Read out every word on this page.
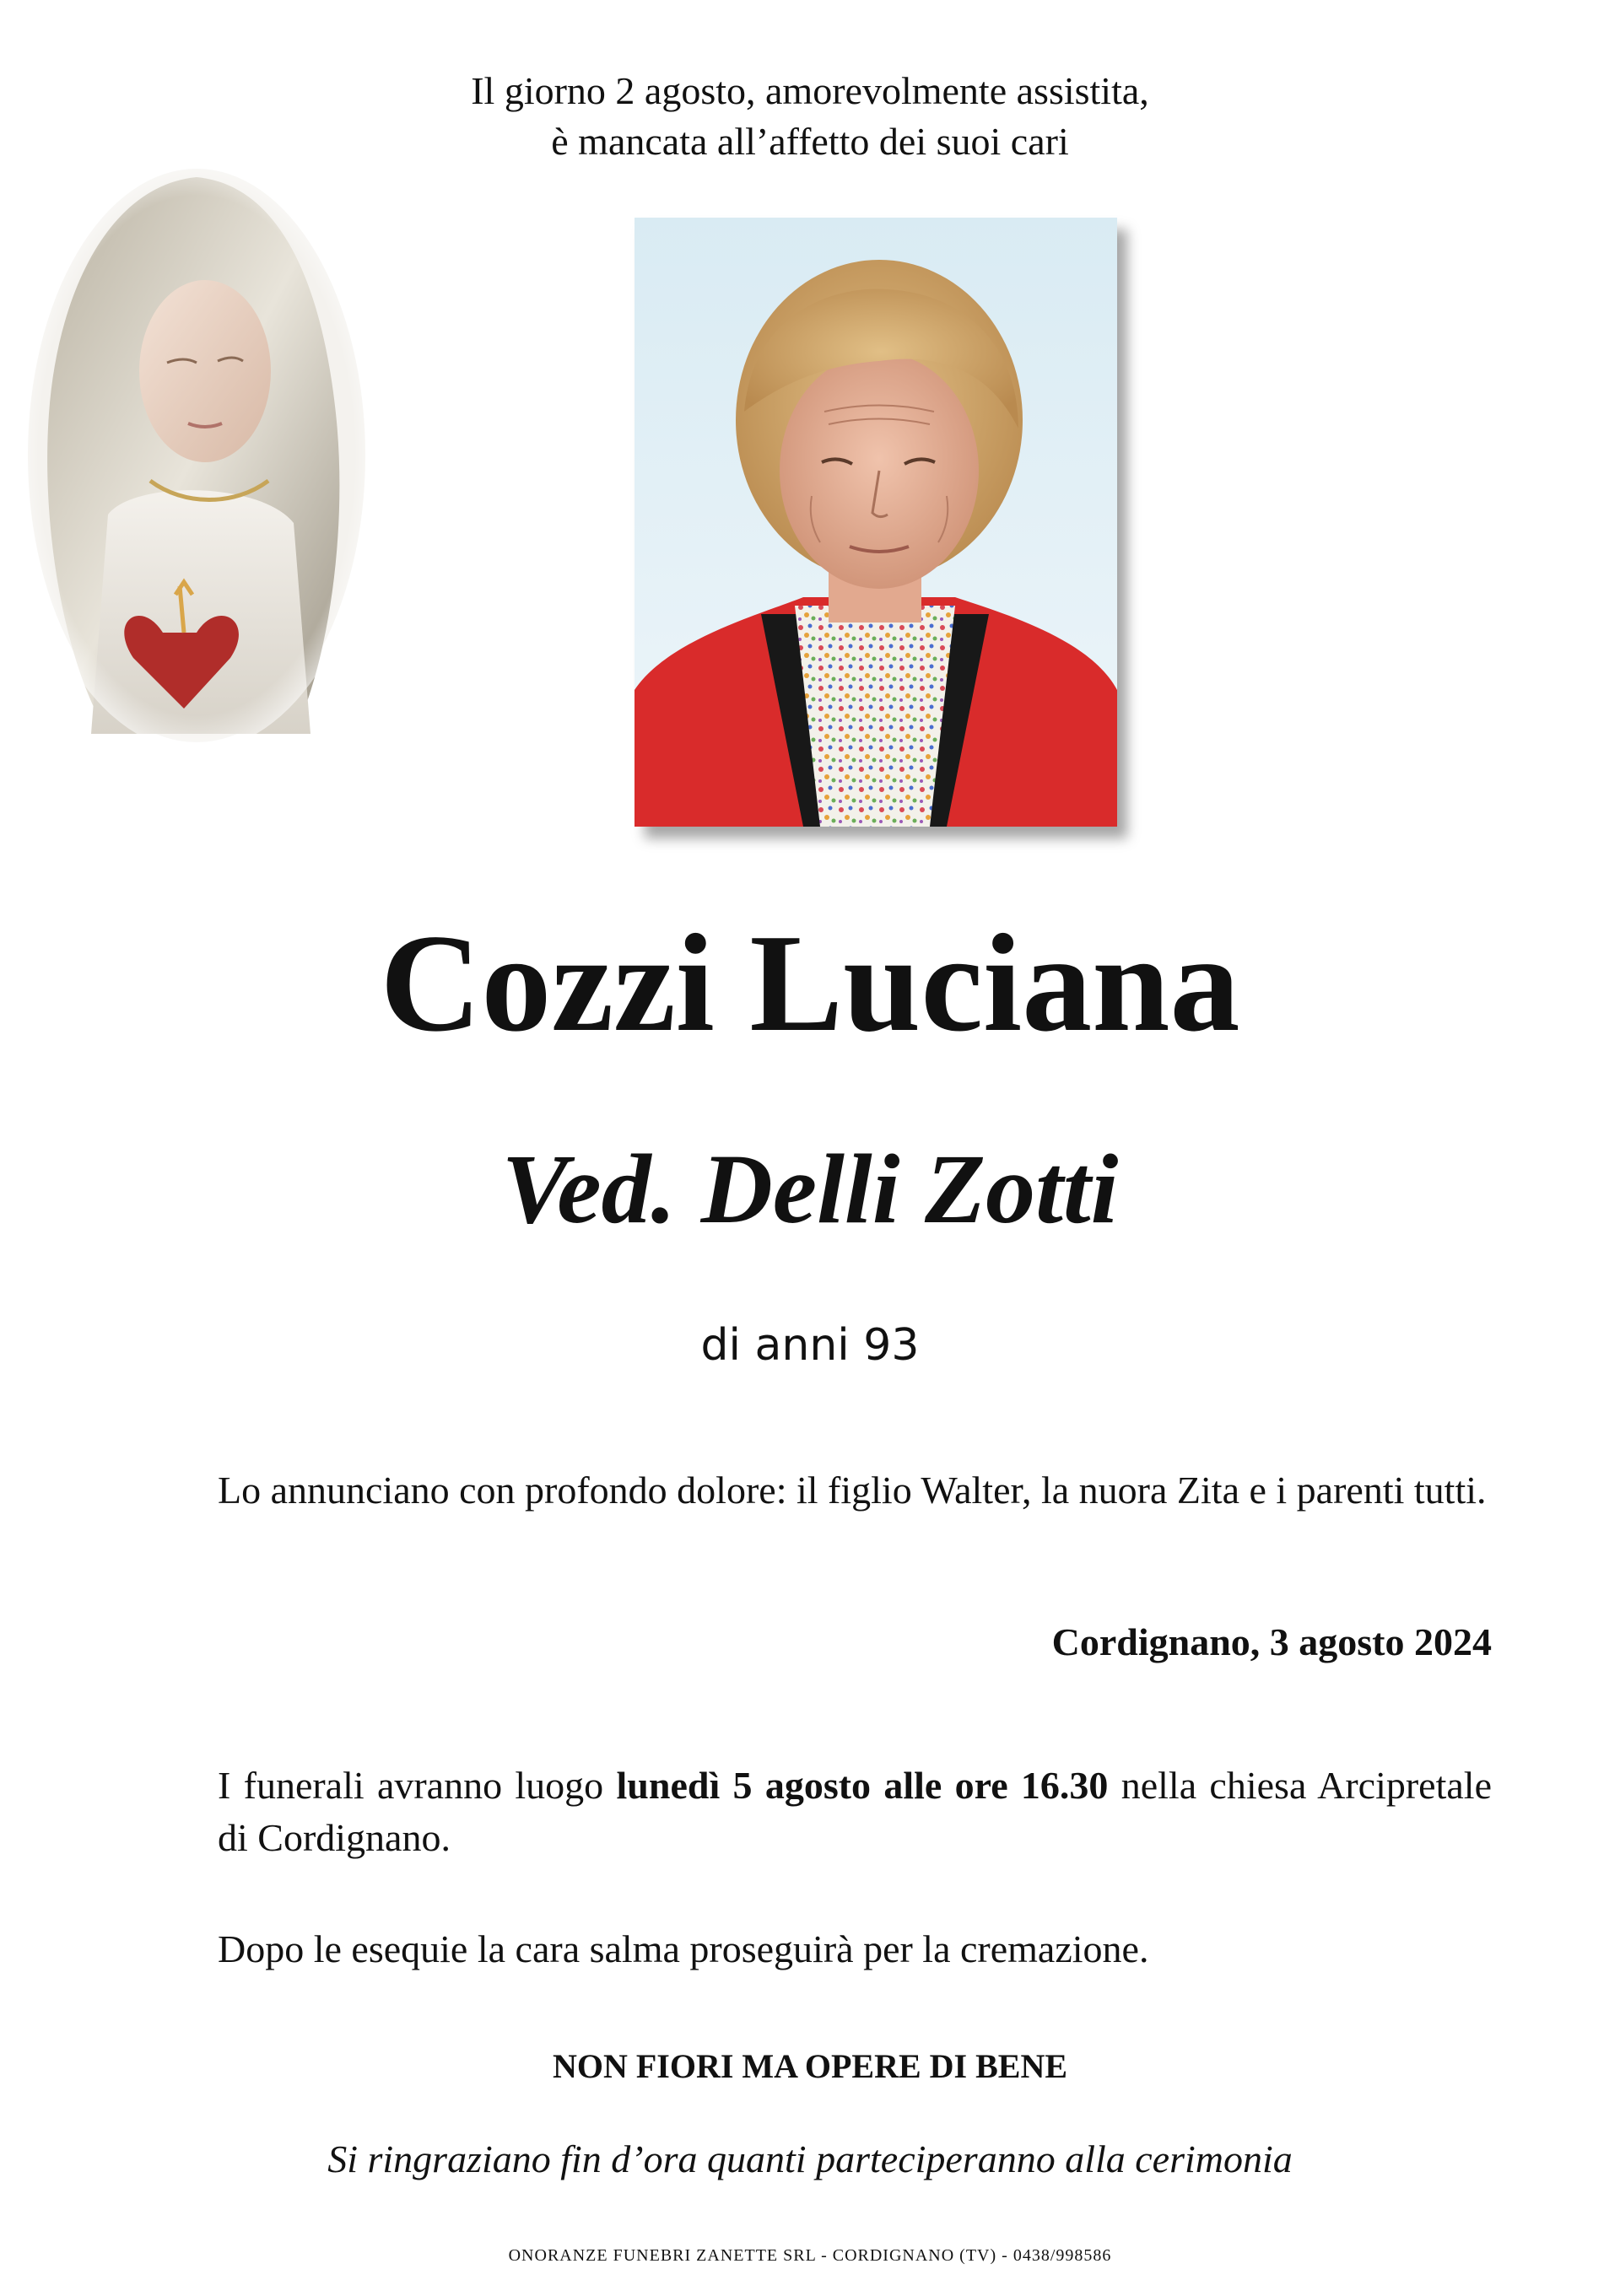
Il giorno 2 agosto, amorevolmente assistita,
è mancata all’affetto dei suoi cari
Cozzi Luciana
Ved. Delli Zotti
di anni 93
Lo annunciano con profondo dolore: il figlio Walter, la nuora Zita e i parenti tutti.
Cordignano, 3 agosto 2024
I funerali avranno luogo lunedì 5 agosto alle ore 16.30 nella chiesa Arcipretale di Cordignano.
Dopo le esequie la cara salma proseguirà per la cremazione.
NON FIORI MA OPERE DI BENE
Si ringraziano fin d’ora quanti parteciperanno alla cerimonia
ONORANZE FUNEBRI ZANETTE SRL - CORDIGNANO (TV) - 0438/998586
